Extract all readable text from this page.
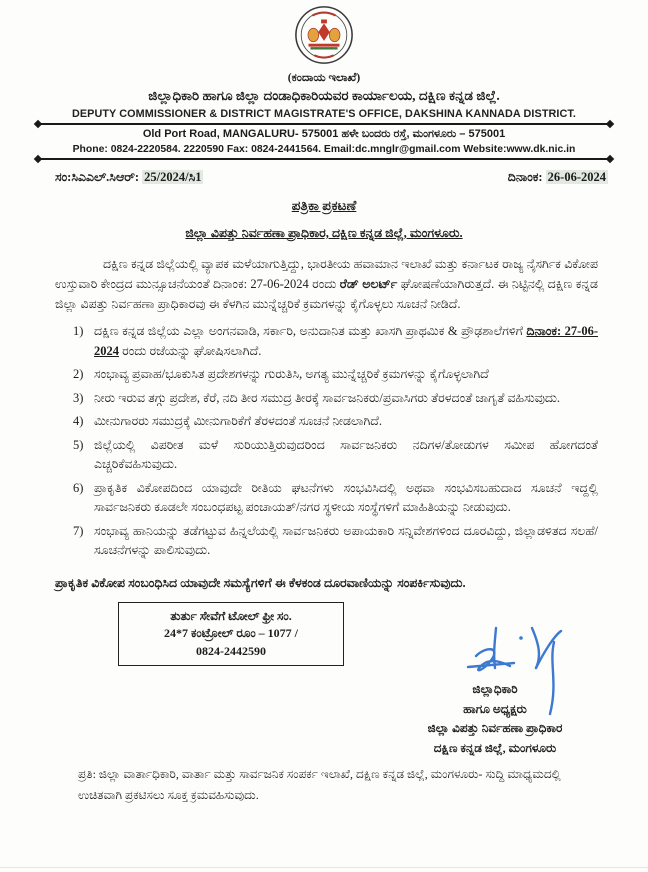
(ಕಂದಾಯ ಇಲಾಖೆ)
ಜಿಲ್ಲಾಧಿಕಾರಿ ಹಾಗೂ ಜಿಲ್ಲಾ ದಂಡಾಧಿಕಾರಿಯವರ ಕಾರ್ಯಾಲಯ, ದಕ್ಷಿಣ ಕನ್ನಡ ಜಿಲ್ಲೆ.
DEPUTY COMMISSIONER & DISTRICT MAGISTRATE'S OFFICE, DAKSHINA KANNADA DISTRICT.
Old Port Road, MANGALURU- 575001 ಹಳೇ ಬಂದರು ರಸ್ತೆ, ಮಂಗಳೂರು – 575001
Phone: 0824-2220584. 2220590 Fax: 0824-2441564. Email:dc.mnglr@gmail.com Website:www.dk.nic.in
ಸಂ:ಸಿಎಎಲ್.ಸಿಆರ್: 25/2024/ಸಿ1	ದಿನಾಂಕ: 26-06-2024
ಪತ್ರಿಕಾ ಪ್ರಕಟಣೆ
ಜಿಲ್ಲಾ ವಿಪತ್ತು ನಿರ್ವಹಣಾ ಪ್ರಾಧಿಕಾರ, ದಕ್ಷಿಣ ಕನ್ನಡ ಜಿಲ್ಲೆ, ಮಂಗಳೂರು.

ದಕ್ಷಿಣ ಕನ್ನಡ ಜಿಲ್ಲೆಯಲ್ಲಿ ವ್ಯಾಪಕ ಮಳೆಯಾಗುತ್ತಿದ್ದು, ಭಾರತೀಯ ಹವಾಮಾನ ಇಲಾಖೆ ಮತ್ತು ಕರ್ನಾಟಕ ರಾಜ್ಯ ನೈಸರ್ಗಿಕ ವಿಕೋಪ ಉಸ್ತುವಾರಿ ಕೇಂದ್ರದ ಮುನ್ಸೂಚನೆಯಂತೆ ದಿನಾಂಕ: 27-06-2024 ರಂದು ರೆಡ್ ಅಲರ್ಟ್ ಘೋಷಣೆಯಾಗಿರುತ್ತದೆ. ಈ ನಿಟ್ಟಿನಲ್ಲಿ ದಕ್ಷಿಣ ಕನ್ನಡ ಜಿಲ್ಲಾ ವಿಪತ್ತು ನಿರ್ವಹಣಾ ಪ್ರಾಧಿಕಾರವು ಈ ಕೆಳಗಿನ ಮುನ್ನೆಚ್ಚರಿಕೆ ಕ್ರಮಗಳನ್ನು ಕೈಗೊಳ್ಳಲು ಸೂಚನೆ ನೀಡಿದೆ.

1) ದಕ್ಷಿಣ ಕನ್ನಡ ಜಿಲ್ಲೆಯ ಎಲ್ಲಾ ಅಂಗನವಾಡಿ, ಸರ್ಕಾರಿ, ಅನುದಾನಿತ ಮತ್ತು ಖಾಸಗಿ ಪ್ರಾಥಮಿಕ & ಪ್ರೌಢಶಾಲೆಗಳಿಗೆ ದಿನಾಂಕ: 27-06-2024 ರಂದು ರಜೆಯನ್ನು ಘೋಷಿಸಲಾಗಿದೆ.
2) ಸಂಭಾವ್ಯ ಪ್ರವಾಹ/ಭೂಕುಸಿತ ಪ್ರದೇಶಗಳನ್ನು ಗುರುತಿಸಿ, ಅಗತ್ಯ ಮುನ್ನೆಚ್ಚರಿಕೆ ಕ್ರಮಗಳನ್ನು ಕೈಗೊಳ್ಳಲಾಗಿದೆ
3) ನೀರು ಇರುವ ತಗ್ಗು ಪ್ರದೇಶ, ಕೆರೆ, ನದಿ ತೀರ ಸಮುದ್ರ ತೀರಕ್ಕೆ ಸಾರ್ವಜನಿಕರು/ಪ್ರವಾಸಿಗರು ತೆರಳದಂತೆ ಜಾಗೃತೆ ವಹಿಸುವುದು.
4) ಮೀನುಗಾರರು ಸಮುದ್ರಕ್ಕೆ ಮೀನುಗಾರಿಕೆಗೆ ತೆರಳದಂತೆ ಸೂಚನೆ ನೀಡಲಾಗಿದೆ.
5) ಜಿಲ್ಲೆಯಲ್ಲಿ ವಿಪರೀತ ಮಳೆ ಸುರಿಯುತ್ತಿರುವುದರಿಂದ ಸಾರ್ವಜನಿಕರು ನದಿಗಳ/ತೋಡುಗಳ ಸಮೀಪ ಹೋಗದಂತೆ ಎಚ್ಚರಿಕೆವಹಿಸುವುದು.
6) ಪ್ರಾಕೃತಿಕ ವಿಕೋಪದಿಂದ ಯಾವುದೇ ರೀತಿಯ ಘಟನೆಗಳು ಸಂಭವಿಸಿದಲ್ಲಿ ಅಥವಾ ಸಂಭವಿಸಬಹುದಾದ ಸೂಚನೆ ಇದ್ದಲ್ಲಿ ಸಾರ್ವಜನಿಕರು ಕೂಡಲೇ ಸಂಬಂಧಪಟ್ಟ ಪಂಚಾಯತ್/ನಗರ ಸ್ಥಳೀಯ ಸಂಸ್ಥೆಗಳಿಗೆ ಮಾಹಿತಿಯನ್ನು ನೀಡುವುದು.
7) ಸಂಭಾವ್ಯ ಹಾನಿಯನ್ನು ತಡೆಗಟ್ಟುವ ಹಿನ್ನಲೆಯಲ್ಲಿ ಸಾರ್ವಜನಿಕರು ಅಪಾಯಕಾರಿ ಸನ್ನಿವೇಶಗಳಿಂದ ದೂರವಿದ್ದು, ಜಿಲ್ಲಾಡಳಿತದ ಸಲಹೆ/ಸೂಚನೆಗಳನ್ನು ಪಾಲಿಸುವುದು.
ಪ್ರಾಕೃತಿಕ ವಿಕೋಪ ಸಂಬಂಧಿಸಿದ ಯಾವುದೇ ಸಮಸ್ಯೆಗಳಿಗೆ ಈ ಕೆಳಕಂಡ ದೂರವಾಣಿಯನ್ನು ಸಂಪರ್ಕಿಸುವುದು.
ತುರ್ತು ಸೇವೆಗೆ ಟೋಲ್ ಫ್ರೀ ಸಂ.
24*7 ಕಂಟ್ರೋಲ್ ರೂಂ – 1077 /
0824-2442590
ಜಿಲ್ಲಾಧಿಕಾರಿ
ಹಾಗೂ ಅಧ್ಯಕ್ಷರು
ಜಿಲ್ಲಾ ವಿಪತ್ತು ನಿರ್ವಹಣಾ ಪ್ರಾಧಿಕಾರ
ದಕ್ಷಿಣ ಕನ್ನಡ ಜಿಲ್ಲೆ, ಮಂಗಳೂರು
ಪ್ರತಿ: ಜಿಲ್ಲಾ ವಾರ್ತಾಧಿಕಾರಿ, ವಾರ್ತಾ ಮತ್ತು ಸಾರ್ವಜನಿಕ ಸಂಪರ್ಕ ಇಲಾಖೆ, ದಕ್ಷಿಣ ಕನ್ನಡ ಜಿಲ್ಲೆ, ಮಂಗಳೂರು- ಸುದ್ದಿ ಮಾಧ್ಯಮದಲ್ಲಿ ಉಚಿತವಾಗಿ ಪ್ರಕಟಿಸಲು ಸೂಕ್ತ ಕ್ರಮವಹಿಸುವುದು.
